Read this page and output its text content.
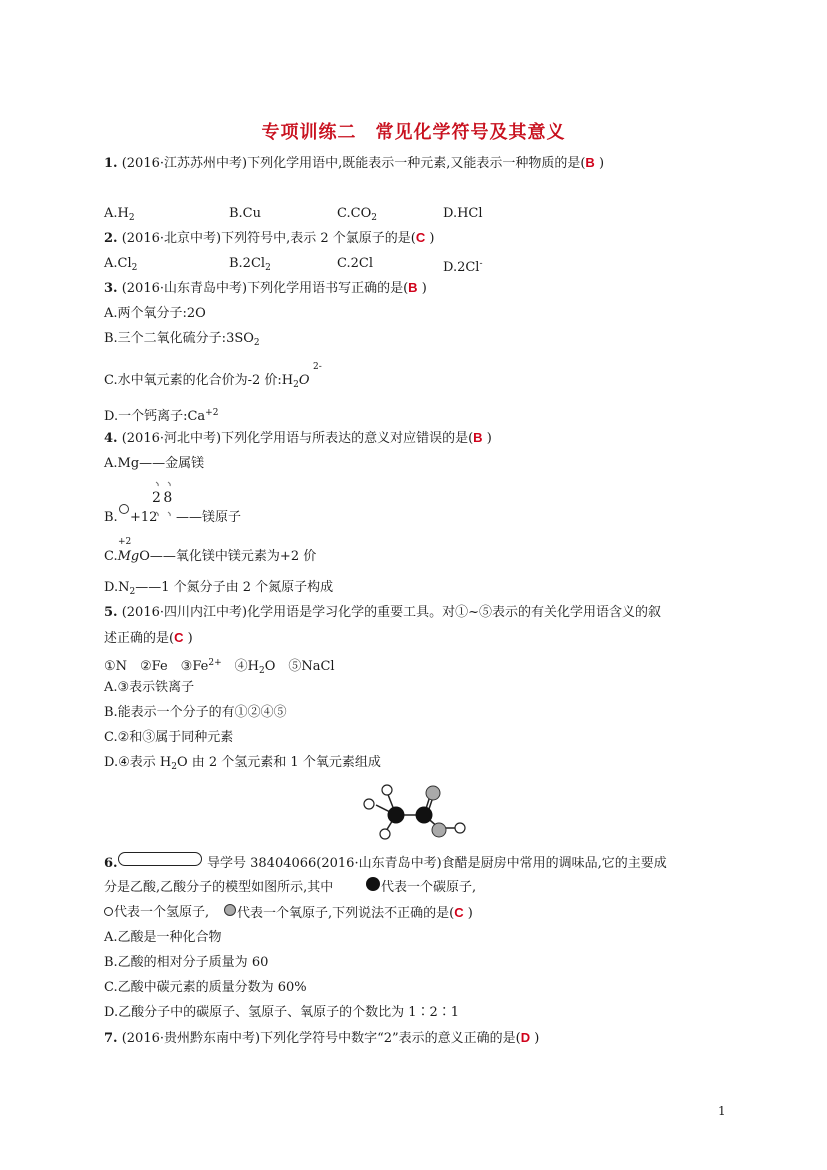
专项训练二　常见化学符号及其意义
1. (2016·江苏苏州中考)下列化学用语中,既能表示一种元素,又能表示一种物质的是(B )
$A.H_2$	B.Cu	$C.CO_2$	D.HCl
2. (2016·北京中考)下列符号中,表示 2 个氯原子的是(C )
$A.Cl_2$	$B.2Cl_2$	C.2Cl	D.2Cl-
3. (2016·山东青岛中考)下列化学用语书写正确的是(B )
A.两个氧分子:2O
B.三个二氧化硫分子$:3SO_2$
C.水中氧元素的化合价为-2 价$:H_2O$
2-
D.一个钙离子$:Ca^{+2}$
4. (2016·河北中考)下列化学用语与所表达的意义对应错误的是(B )
A.Mg——金属镁
B. +12
2 8
——镁原子
+2
C.MgO——氧化镁中镁元素为+2 价
$D.N_2——1$ 个氮分子由 2 个氮原子构成
5. (2016·四川内江中考)化学用语是学习化学的重要工具。对①~⑤表示的有关化学用语含义的叙
述正确的是(C )
①N　②Fe　$③Fe^{2+}$　$④H_2O$　⑤NaCl
A.③表示铁离子
B.能表示一个分子的有①②④⑤
C.②和③属于同种元素
D.④表示 $H_2O$ 由 2 个氢元素和 1 个氧元素组成
6.	导学号 38404066(2016·山东青岛中考)食醋是厨房中常用的调味品,它的主要成
分是乙酸,乙酸分子的模型如图所示,其中	代表一个碳原子,
代表一个氢原子, 代表一个氧原子,下列说法不正确的是(C )
A.乙酸是一种化合物
B.乙酸的相对分子质量为 60
C.乙酸中碳元素的质量分数为 60%
D.乙酸分子中的碳原子、氢原子、氧原子的个数比为 1∶2∶1
7. (2016·贵州黔东南中考)下列化学符号中数字“2”表示的意义正确的是(D )
1
